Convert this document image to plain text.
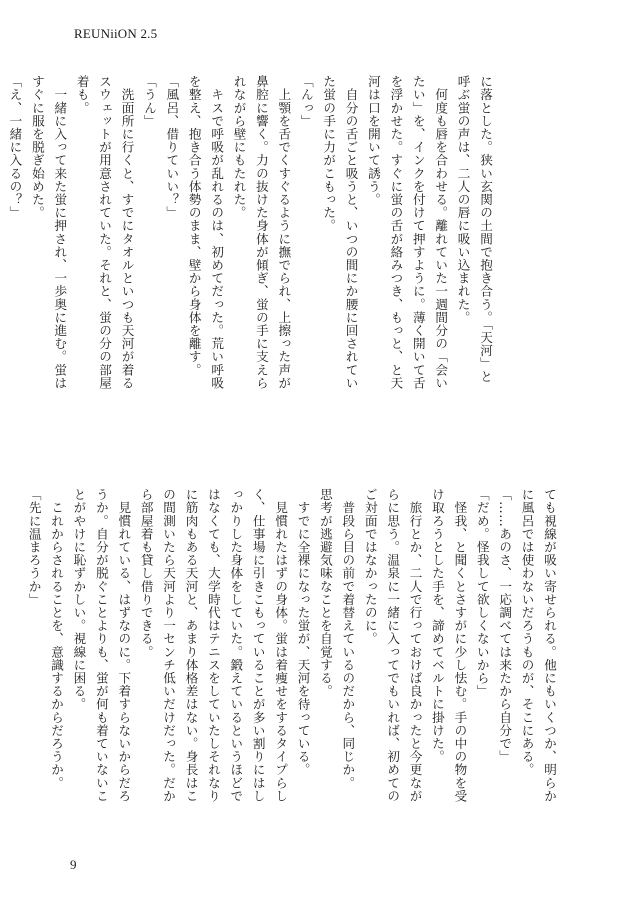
REUNiiON 2.5
に落とした。狭い玄関の土間で抱き合う。「天河」と
呼ぶ蛍の声は、二人の唇に吸い込まれた。
　何度も唇を合わせる。離れていた一週間分の「会い
たい」を、インクを付けて押すように。薄く開いて舌
を浮かせた。すぐに蛍の舌が絡みつき、もっと、と天
河は口を開いて誘う。
　自分の舌ごと吸うと、いつの間にか腰に回されてい
た蛍の手に力がこもった。
「んっ」
　上顎を舌でくすぐるように撫でられ、上擦った声が
鼻腔に響く。力の抜けた身体が傾ぎ、蛍の手に支えら
れながら壁にもたれた。
　キスで呼吸が乱れるのは、初めてだった。荒い呼吸
を整え、抱き合う体勢のまま、壁から身体を離す。
「風呂、借りていい？」
「うん」
　洗面所に行くと、すでにタオルといつも天河が着る
スウェットが用意されていた。それと、蛍の分の部屋
着も。
　一緒に入って来た蛍に押され、一歩奥に進む。蛍は
すぐに服を脱ぎ始めた。
「え、一緒に入るの？」
ても視線が吸い寄せられる。他にもいくつか、明らか
に風呂では使わないだろうものが、そこにある。
「……あのさ、一応調べては来たから自分で」
「だめ。怪我して欲しくないから」
　怪我、と聞くとさすがに少し怯む。手の中の物を受
け取ろうとした手を、諦めてベルトに掛けた。
　旅行とか、二人で行っておけば良かったと今更なが
らに思う。温泉に一緒に入ってでもいれば、初めての
ご対面ではなかったのに。
　普段ら目の前で着替えているのだから、同じか。
思考が逃避気味なことを自覚する。
　すでに全裸になった蛍が、天河を待っている。
　見慣れたはずの身体。蛍は着痩せをするタイプらし
く、仕事場に引きこもっていることが多い割りにはし
っかりした身体をしていた。鍛えているというほどで
はなくても、大学時代はテニスをしていたしそれなり
に筋肉もある天河と、あまり体格差はない。身長はこ
の間測いたら天河より一センチ低いだけだった。だか
ら部屋着も貸し借りできる。
　見慣れている、はずなのに。下着すらないからだろ
うか。自分が脱ぐことよりも、蛍が何も着ていないこ
とがやけに恥ずかしい。視線に困る。
　これからされることを、意識するからだろうか。
「先に温まろうか」
9
